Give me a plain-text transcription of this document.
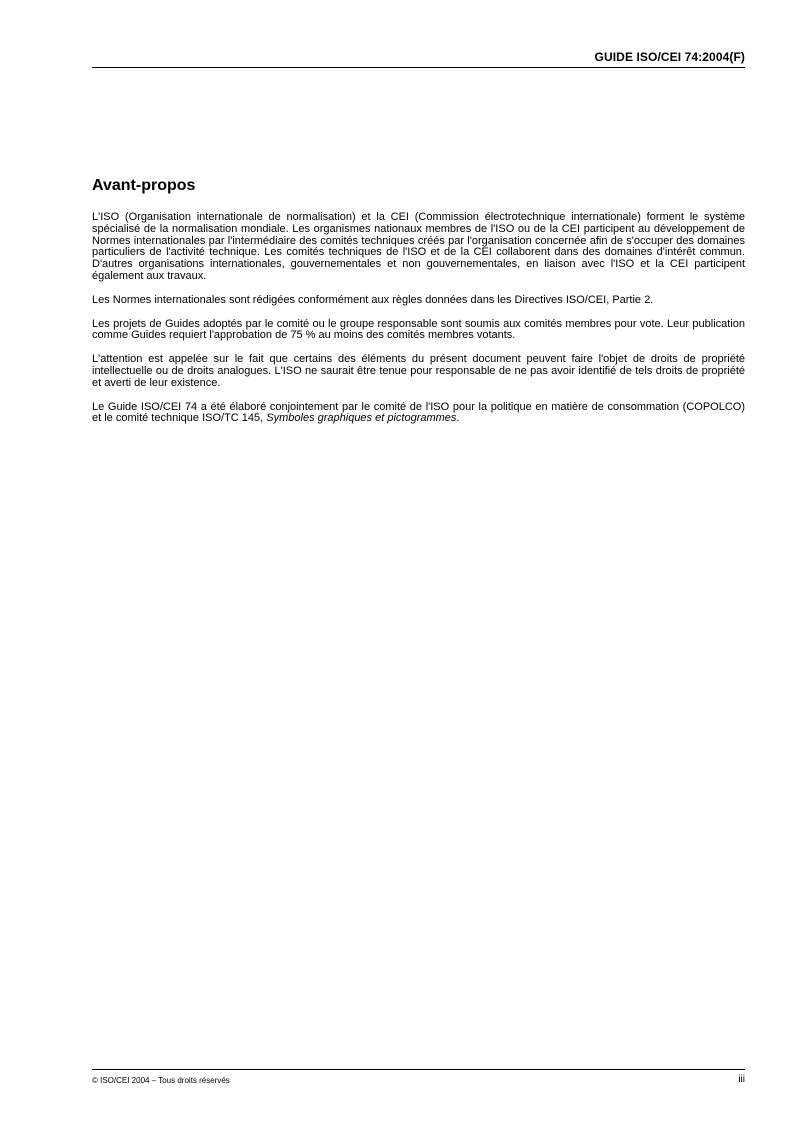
GUIDE ISO/CEI 74:2004(F)
Avant-propos

L'ISO (Organisation internationale de normalisation) et la CEI (Commission électrotechnique internationale) forment le système spécialisé de la normalisation mondiale. Les organismes nationaux membres de l'ISO ou de la CEI participent au développement de Normes internationales par l'intermédiaire des comités techniques créés par l'organisation concernée afin de s'occuper des domaines particuliers de l'activité technique. Les comités techniques de l'ISO et de la CEI collaborent dans des domaines d'intérêt commun. D'autres organisations internationales, gouvernementales et non gouvernementales, en liaison avec l'ISO et la CEI participent également aux travaux.

Les Normes internationales sont rédigées conformément aux règles données dans les Directives ISO/CEI, Partie 2.

Les projets de Guides adoptés par le comité ou le groupe responsable sont soumis aux comités membres pour vote. Leur publication comme Guides requiert l'approbation de 75 % au moins des comités membres votants.

L'attention est appelée sur le fait que certains des éléments du présent document peuvent faire l'objet de droits de propriété intellectuelle ou de droits analogues. L'ISO ne saurait être tenue pour responsable de ne pas avoir identifié de tels droits de propriété et averti de leur existence.

Le Guide ISO/CEI 74 a été élaboré conjointement par le comité de l'ISO pour la politique en matière de consommation (COPOLCO) et le comité technique ISO/TC 145, Symboles graphiques et pictogrammes.

© ISO/CEI 2004 – Tous droits réservés	iii
